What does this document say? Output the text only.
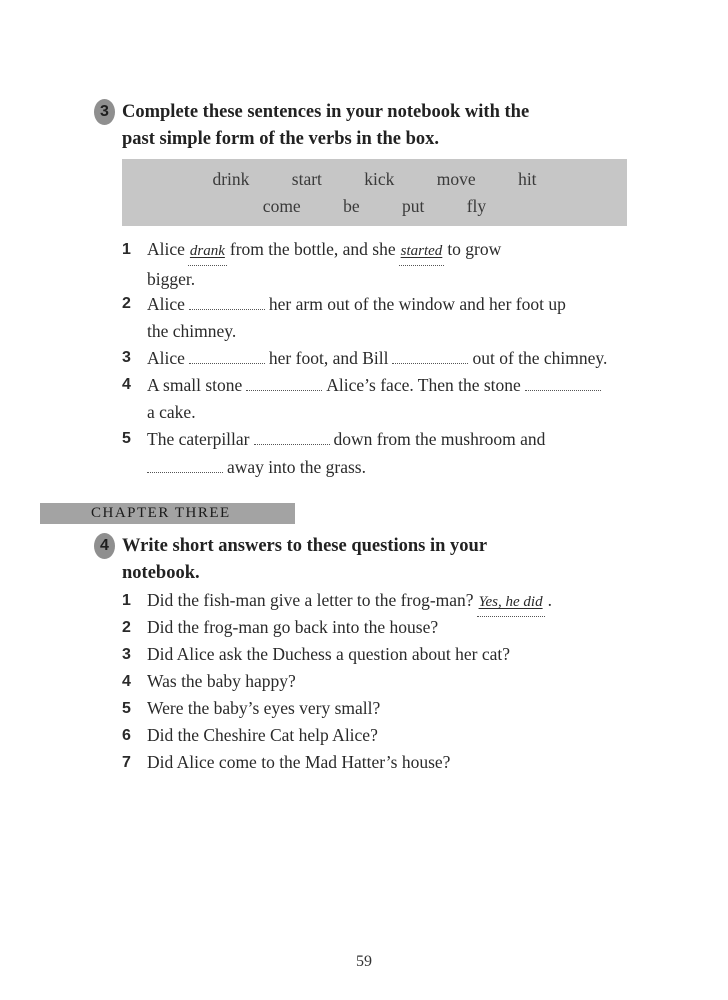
3 Complete these sentences in your notebook with the
past simple form of the verbs in the box.
drink start kick move hit
come be put fly
1 Alice drank from the bottle, and she started to grow
bigger.
2 Alice	her arm out of the window and her foot up
the chimney.
3 Alice	her foot, and Bill	out of the chimney.
4 A small stone	Alice’s face. Then the stone
a cake.
5 The caterpillar	down from the mushroom and
away into the grass.
CHAPTER THREE
4 Write short answers to these questions in your
notebook.
1 Did the fish-man give a letter to the frog-man? Yes, he did .
2 Did the frog-man go back into the house?
3 Did Alice ask the Duchess a question about her cat?
4 Was the baby happy?
5 Were the baby’s eyes very small?
6 Did the Cheshire Cat help Alice?
7 Did Alice come to the Mad Hatter’s house?
59
